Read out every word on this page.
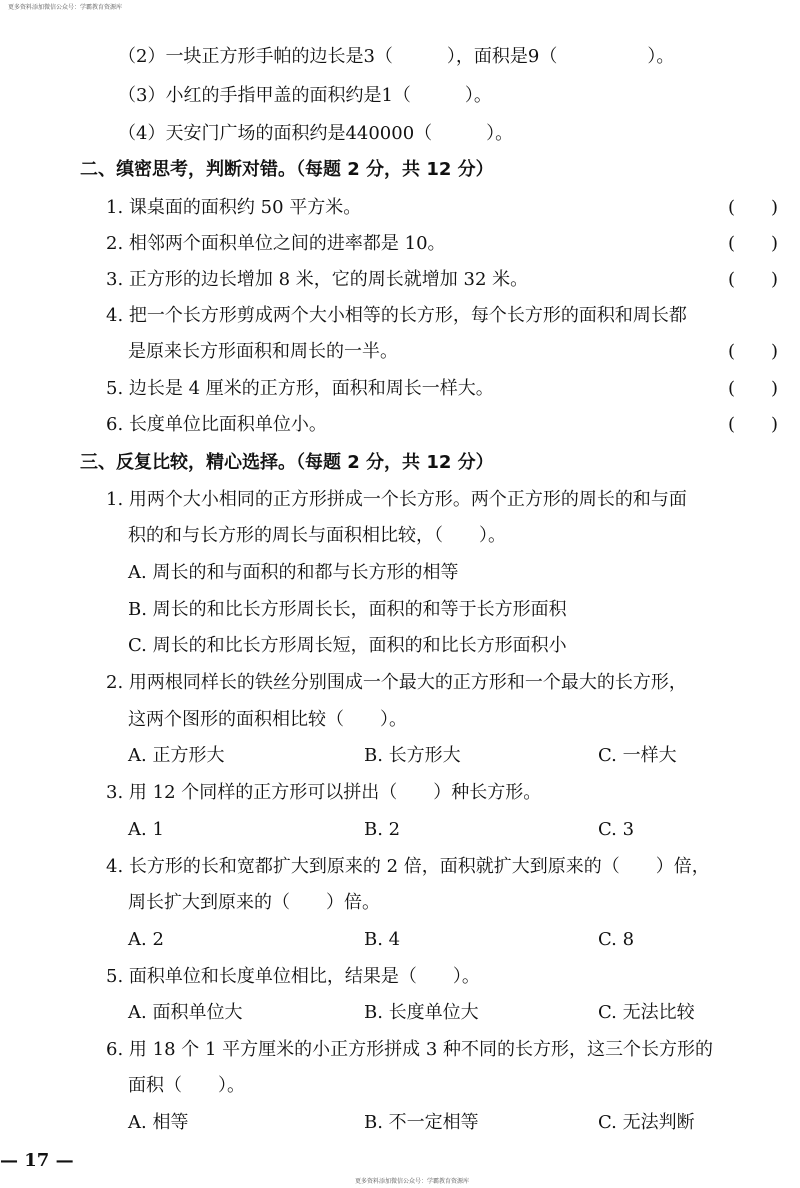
更多资料添加微信公众号：学霸教育资源库
（2）一块正方形手帕的边长是3（　　　），面积是9（　　　　　）。
（3）小红的手指甲盖的面积约是1（　　　）。
（4）天安门广场的面积约是440000（　　　）。
二、缜密思考，判断对错。（每题 2 分，共 12 分）
1. 课桌面的面积约 50 平方米。	(　　)
2. 相邻两个面积单位之间的进率都是 10。	(　　)
3. 正方形的边长增加 8 米，它的周长就增加 32 米。	(　　)
4. 把一个长方形剪成两个大小相等的长方形，每个长方形的面积和周长都
是原来长方形面积和周长的一半。	(　　)
5. 边长是 4 厘米的正方形，面积和周长一样大。	(　　)
6. 长度单位比面积单位小。	(　　)
三、反复比较，精心选择。（每题 2 分，共 12 分）
1. 用两个大小相同的正方形拼成一个长方形。两个正方形的周长的和与面
积的和与长方形的周长与面积相比较，（　　）。
A. 周长的和与面积的和都与长方形的相等
B. 周长的和比长方形周长长，面积的和等于长方形面积
C. 周长的和比长方形周长短，面积的和比长方形面积小
2. 用两根同样长的铁丝分别围成一个最大的正方形和一个最大的长方形，
这两个图形的面积相比较（　　）。
A. 正方形大	B. 长方形大	C. 一样大
3. 用 12 个同样的正方形可以拼出（　　）种长方形。
A. 1	B. 2	C. 3
4. 长方形的长和宽都扩大到原来的 2 倍，面积就扩大到原来的（　　）倍，
周长扩大到原来的（　　）倍。
A. 2	B. 4	C. 8
5. 面积单位和长度单位相比，结果是（　　）。
A. 面积单位大	B. 长度单位大	C. 无法比较
6. 用 18 个 1 平方厘米的小正方形拼成 3 种不同的长方形，这三个长方形的
面积（　　）。
A. 相等	B. 不一定相等	C. 无法判断
— 17 —
更多资料添加微信公众号：学霸教育资源库
